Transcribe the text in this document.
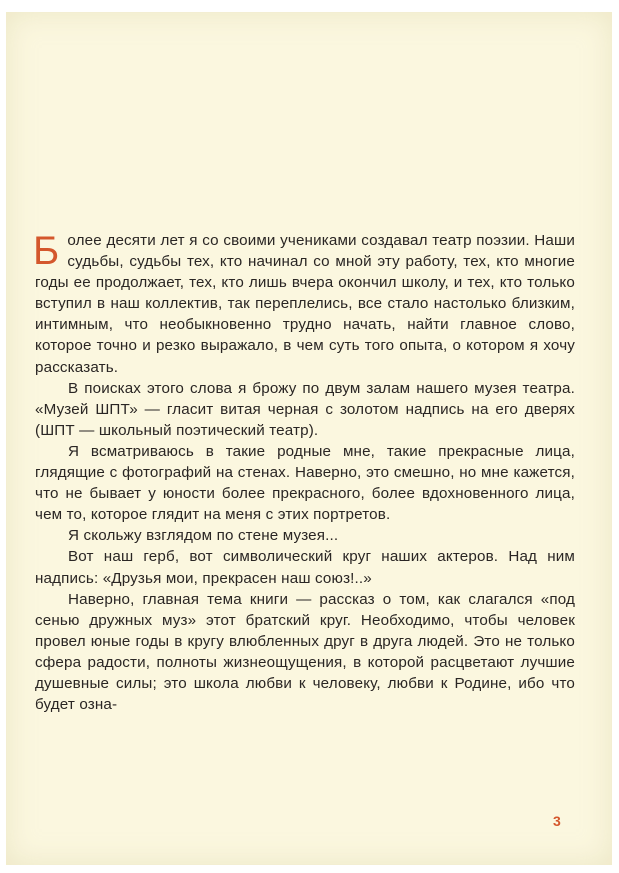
Более десяти лет я со своими учениками создавал театр поэзии. Наши судьбы, судьбы тех, кто начинал со мной эту работу, тех, кто многие годы ее продолжает, тех, кто лишь вчера окончил школу, и тех, кто только вступил в наш коллектив, так переплелись, все стало настолько близким, интимным, что необыкновенно трудно начать, найти главное слово, которое точно и резко выражало, в чем суть того опыта, о котором я хочу рассказать.

В поисках этого слова я брожу по двум залам нашего музея театра. «Музей ШПТ» — гласит витая черная с золотом надпись на его дверях (ШПТ — школьный поэтический театр).

Я всматриваюсь в такие родные мне, такие прекрасные лица, глядящие с фотографий на стенах. Наверно, это смешно, но мне кажется, что не бывает у юности более прекрасного, более вдохновенного лица, чем то, которое глядит на меня с этих портретов.

Я скольжу взглядом по стене музея...

Вот наш герб, вот символический круг наших актеров. Над ним надпись: «Друзья мои, прекрасен наш союз!..»

Наверно, главная тема книги — рассказ о том, как слагался «под сенью дружных муз» этот братский круг. Необходимо, чтобы человек провел юные годы в кругу влюбленных друг в друга людей. Это не только сфера радости, полноты жизнеощущения, в которой расцветают лучшие душевные силы; это школа любви к человеку, любви к Родине, ибо что будет озна-

3
